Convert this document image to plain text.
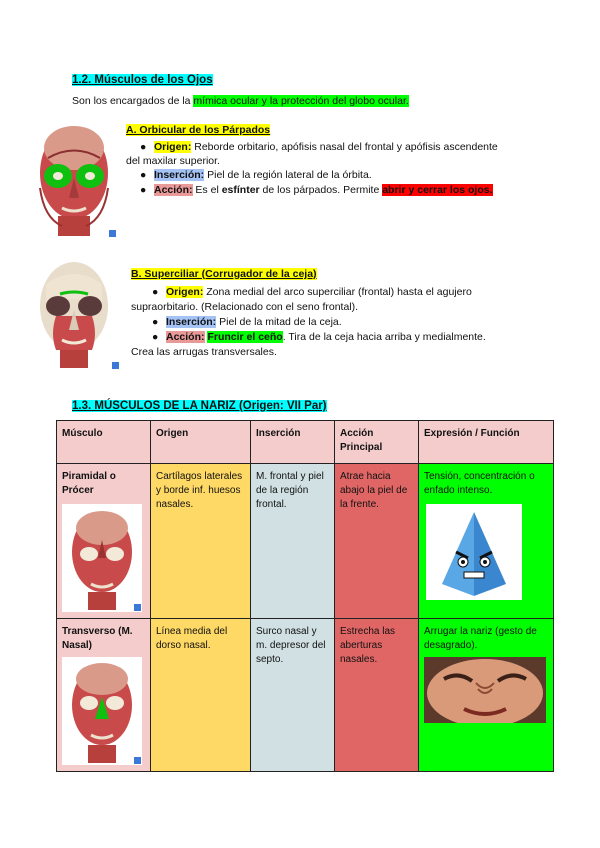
1.2. Músculos de los Ojos
Son los encargados de la mímica ocular y la protección del globo ocular.
A. Orbicular de los Párpados
● Origen: Reborde orbitario, apófisis nasal del frontal y apófisis ascendente
del maxilar superior.
● Inserción: Piel de la región lateral de la órbita.
● Acción: Es el esfínter de los párpados. Permite abrir y cerrar los ojos.
B. Superciliar (Corrugador de la ceja)
● Origen: Zona medial del arco superciliar (frontal) hasta el agujero
supraorbitario. (Relacionado con el seno frontal).
● Inserción: Piel de la mitad de la ceja.
● Acción: Fruncir el ceño. Tira de la ceja hacia arriba y medialmente.
Crea las arrugas transversales.
1.3. MÚSCULOS DE LA NARIZ (Origen: VII Par)
Músculo	Origen	Inserción	Acción Principal	Expresión / Función

Piramidal o Prócer	Cartílagos laterales y borde inf. huesos nasales.	M. frontal y piel de la región frontal.	Atrae hacia abajo la piel de la frente.	Tensión, concentración o enfado intenso.

Transverso (M. Nasal)	Línea media del dorso nasal.	Surco nasal y m. depresor del septo.	Estrecha las aberturas nasales.	Arrugar la nariz (gesto de desagrado).
